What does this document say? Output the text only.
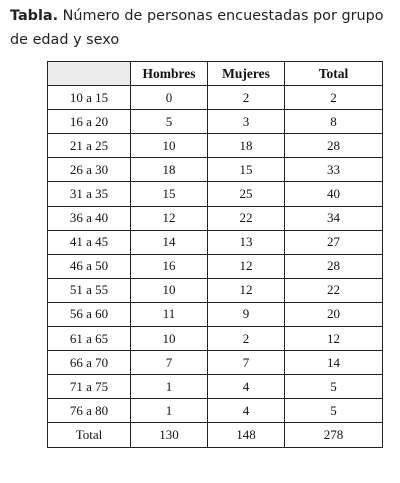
Tabla. Número de personas encuestadas por grupo de edad y sexo
	Hombres	Mujeres	Total
10 a 15	0	2	2
16 a 20	5	3	8
21 a 25	10	18	28
26 a 30	18	15	33
31 a 35	15	25	40
36 a 40	12	22	34
41 a 45	14	13	27
46 a 50	16	12	28
51 a 55	10	12	22
56 a 60	11	9	20
61 a 65	10	2	12
66 a 70	7	7	14
71 a 75	1	4	5
76 a 80	1	4	5
Total	130	148	278
